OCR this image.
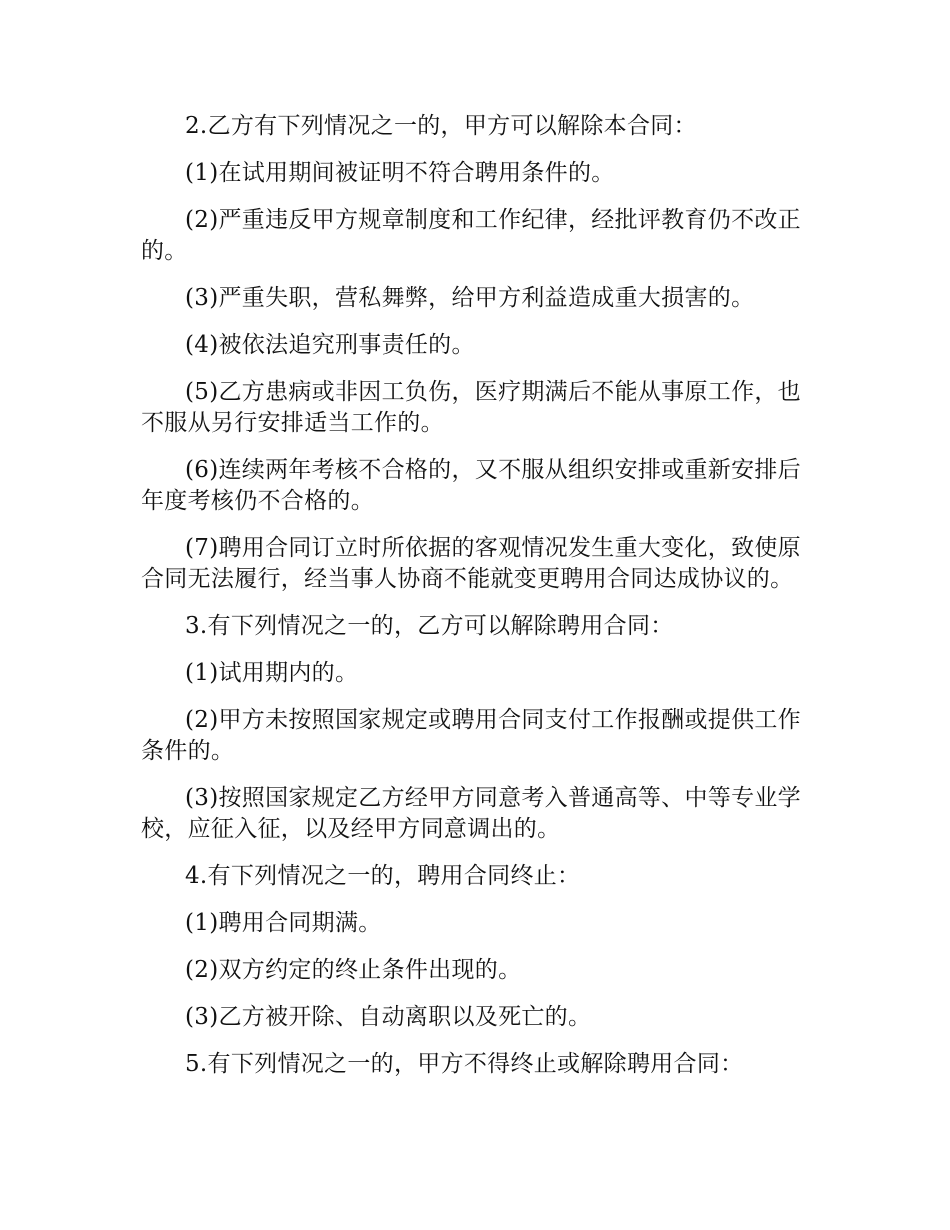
2.乙方有下列情况之一的，甲方可以解除本合同：

(1)在试用期间被证明不符合聘用条件的。

(2)严重违反甲方规章制度和工作纪律，经批评教育仍不改正的。

(3)严重失职，营私舞弊，给甲方利益造成重大损害的。

(4)被依法追究刑事责任的。

(5)乙方患病或非因工负伤，医疗期满后不能从事原工作，也不服从另行安排适当工作的。

(6)连续两年考核不合格的，又不服从组织安排或重新安排后年度考核仍不合格的。

(7)聘用合同订立时所依据的客观情况发生重大变化，致使原合同无法履行，经当事人协商不能就变更聘用合同达成协议的。

3.有下列情况之一的，乙方可以解除聘用合同：

(1)试用期内的。

(2)甲方未按照国家规定或聘用合同支付工作报酬或提供工作条件的。

(3)按照国家规定乙方经甲方同意考入普通高等、中等专业学校，应征入征，以及经甲方同意调出的。

4.有下列情况之一的，聘用合同终止：

(1)聘用合同期满。

(2)双方约定的终止条件出现的。

(3)乙方被开除、自动离职以及死亡的。

5.有下列情况之一的，甲方不得终止或解除聘用合同：
